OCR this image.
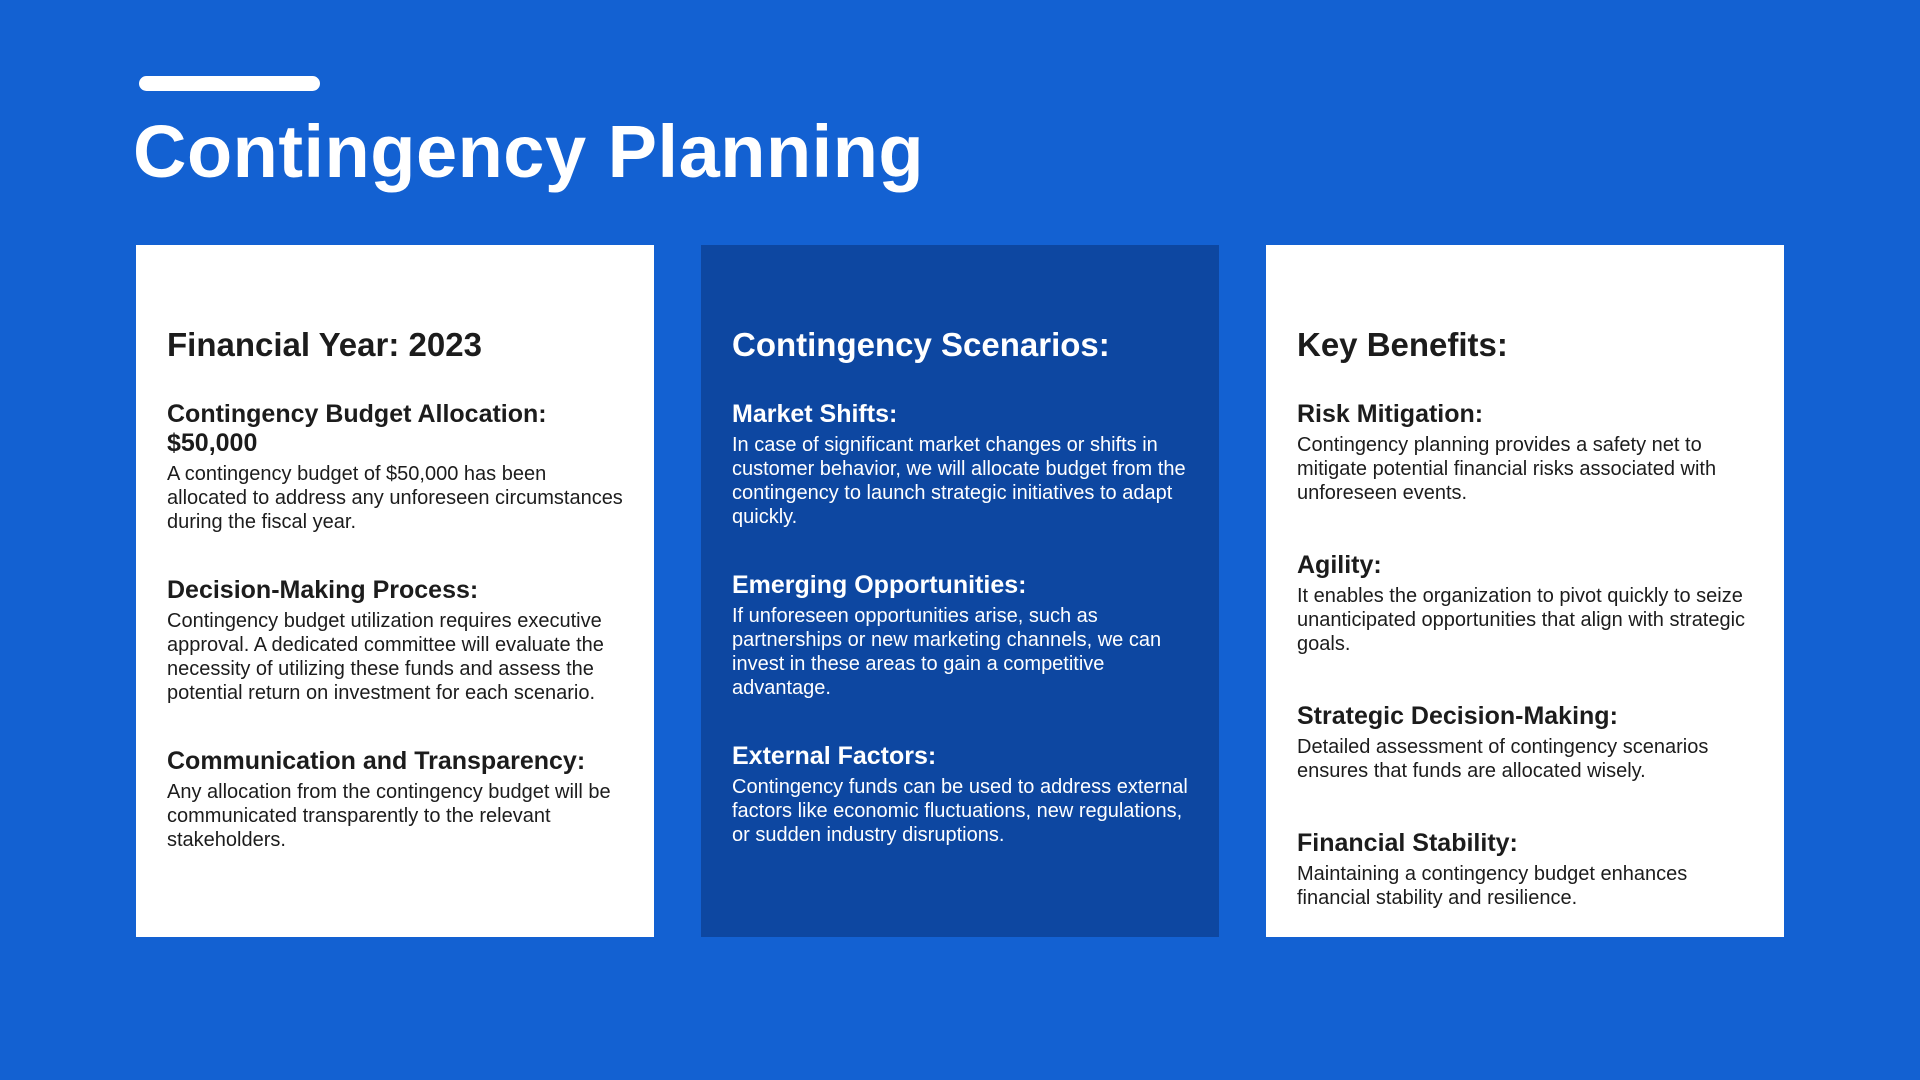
Contingency Planning
Financial Year: 2023
Contingency Budget Allocation: $50,000

A contingency budget of $50,000 has been allocated to address any unforeseen circumstances during the fiscal year.

Decision-Making Process:

Contingency budget utilization requires executive approval. A dedicated committee will evaluate the necessity of utilizing these funds and assess the potential return on investment for each scenario.

Communication and Transparency:

Any allocation from the contingency budget will be communicated transparently to the relevant stakeholders.

Contingency Scenarios:
Market Shifts:

In case of significant market changes or shifts in customer behavior, we will allocate budget from the contingency to launch strategic initiatives to adapt quickly.

Emerging Opportunities:

If unforeseen opportunities arise, such as partnerships or new marketing channels, we can invest in these areas to gain a competitive advantage.

External Factors:

Contingency funds can be used to address external factors like economic fluctuations, new regulations, or sudden industry disruptions.

Key Benefits:
Risk Mitigation:

Contingency planning provides a safety net to mitigate potential financial risks associated with unforeseen events.

Agility:

It enables the organization to pivot quickly to seize unanticipated opportunities that align with strategic goals.

Strategic Decision-Making:

Detailed assessment of contingency scenarios ensures that funds are allocated wisely.

Financial Stability:

Maintaining a contingency budget enhances financial stability and resilience.
